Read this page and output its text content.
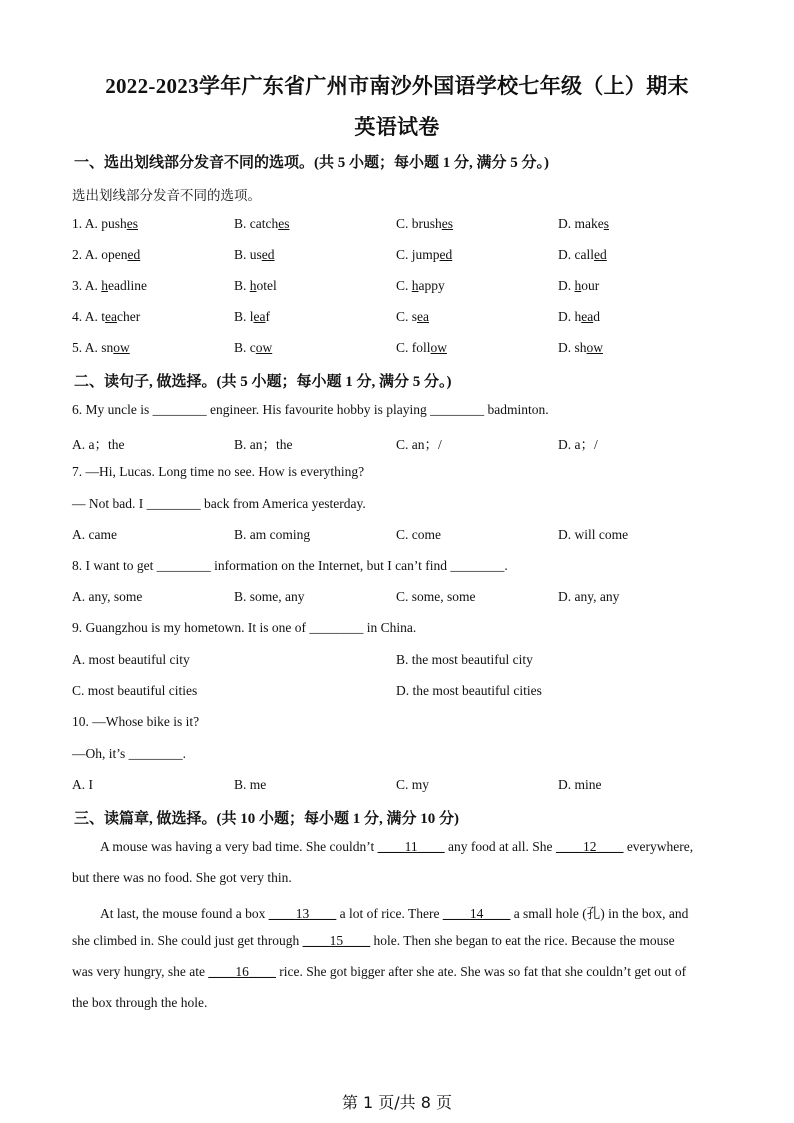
2022-2023学年广东省广州市南沙外国语学校七年级（上）期末
英语试卷
一、选出划线部分发音不同的选项。(共 5 小题；每小题 1 分, 满分 5 分。)
选出划线部分发音不同的选项。
1. A. pushes	B. catches	C. brushes	D. makes
2. A. opened	B. used	C. jumped	D. called
3. A. headline	B. hotel	C. happy	D. hour
4. A. teacher	B. leaf	C. sea	D. head
5. A. snow	B. cow	C. follow	D. show
二、读句子, 做选择。(共 5 小题；每小题 1 分, 满分 5 分。)
6. My uncle is ________ engineer. His favourite hobby is playing ________ badminton.
A. a；the	B. an；the	C. an；/	D. a；/
7. —Hi, Lucas. Long time no see. How is everything?
— Not bad. I ________ back from America yesterday.
A. came	B. am coming	C. come	D. will come
8. I want to get ________ information on the Internet, but I can’t find ________.
A. any, some	B. some, any	C. some, some	D. any, any
9. Guangzhou is my hometown. It is one of ________ in China.
A. most beautiful city	B. the most beautiful city
C. most beautiful cities	D. the most beautiful cities
10. —Whose bike is it?
—Oh, it’s ________.
A. I	B. me	C. my	D. mine
三、读篇章, 做选择。(共 10 小题；每小题 1 分, 满分 10 分)
A mouse was having a very bad time. She couldn’t ____11____ any food at all. She ____12____ everywhere,
but there was no food. She got very thin.
At last, the mouse found a box ____13____ a lot of rice. There ____14____ a small hole (孔) in the box, and
she climbed in. She could just get through ____15____ hole. Then she began to eat the rice. Because the mouse
was very hungry, she ate ____16____ rice. She got bigger after she ate. She was so fat that she couldn’t get out of
the box through the hole.
第 1 页/共 8 页
